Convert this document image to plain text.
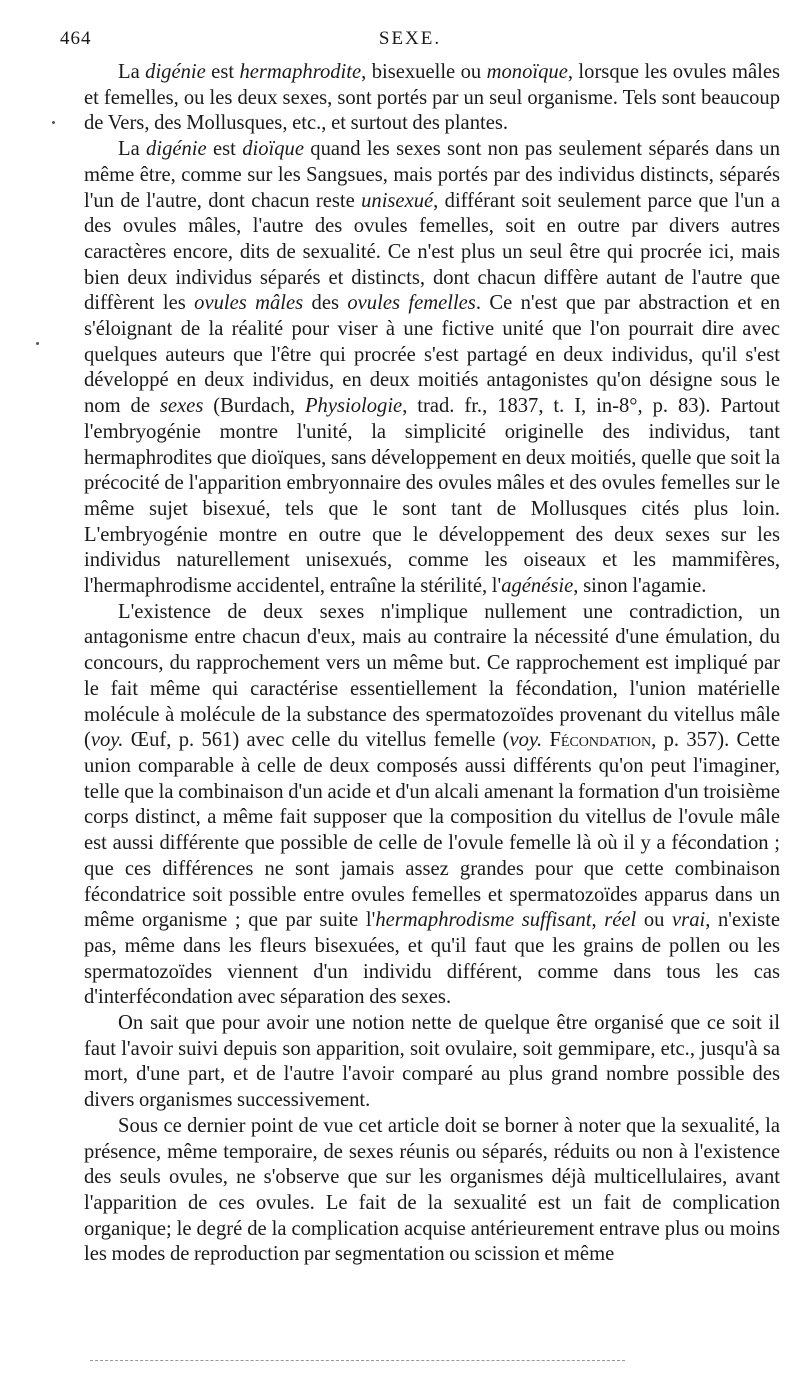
464	SEXE.

La digénie est hermaphrodite, bisexuelle ou monoïque, lorsque les ovules mâles et femelles, ou les deux sexes, sont portés par un seul organisme. Tels sont beaucoup de Vers, des Mollusques, etc., et surtout des plantes.

La digénie est dioïque quand les sexes sont non pas seulement séparés dans un même être, comme sur les Sangsues, mais portés par des individus distincts, séparés l'un de l'autre, dont chacun reste unisexué, différant soit seulement parce que l'un a des ovules mâles, l'autre des ovules femelles, soit en outre par divers autres caractères encore, dits de sexualité. Ce n'est plus un seul être qui procrée ici, mais bien deux individus séparés et distincts, dont chacun diffère autant de l'autre que diffèrent les ovules mâles des ovules femelles. Ce n'est que par abstraction et en s'éloignant de la réalité pour viser à une fictive unité que l'on pourrait dire avec quelques auteurs que l'être qui procrée s'est partagé en deux individus, qu'il s'est développé en deux individus, en deux moitiés antagonistes qu'on désigne sous le nom de sexes (Burdach, Physiologie, trad. fr., 1837, t. I, in-8°, p. 83). Partout l'embryogénie montre l'unité, la simplicité originelle des individus, tant hermaphrodites que dioïques, sans développement en deux moitiés, quelle que soit la précocité de l'apparition embryonnaire des ovules mâles et des ovules femelles sur le même sujet bisexué, tels que le sont tant de Mollusques cités plus loin. L'embryogénie montre en outre que le développement des deux sexes sur les individus naturellement unisexués, comme les oiseaux et les mammifères, l'hermaphrodisme accidentel, entraîne la stérilité, l'agénésie, sinon l'agamie.

L'existence de deux sexes n'implique nullement une contradiction, un antagonisme entre chacun d'eux, mais au contraire la nécessité d'une émulation, du concours, du rapprochement vers un même but. Ce rapprochement est impliqué par le fait même qui caractérise essentiellement la fécondation, l'union matérielle molécule à molécule de la substance des spermatozoïdes provenant du vitellus mâle (voy. Œuf, p. 561) avec celle du vitellus femelle (voy. Fécondation, p. 357). Cette union comparable à celle de deux composés aussi différents qu'on peut l'imaginer, telle que la combinaison d'un acide et d'un alcali amenant la formation d'un troisième corps distinct, a même fait supposer que la composition du vitellus de l'ovule mâle est aussi différente que possible de celle de l'ovule femelle là où il y a fécondation ; que ces différences ne sont jamais assez grandes pour que cette combinaison fécondatrice soit possible entre ovules femelles et spermatozoïdes apparus dans un même organisme ; que par suite l'hermaphrodisme suffisant, réel ou vrai, n'existe pas, même dans les fleurs bisexuées, et qu'il faut que les grains de pollen ou les spermatozoïdes viennent d'un individu différent, comme dans tous les cas d'interfécondation avec séparation des sexes.

On sait que pour avoir une notion nette de quelque être organisé que ce soit il faut l'avoir suivi depuis son apparition, soit ovulaire, soit gemmipare, etc., jusqu'à sa mort, d'une part, et de l'autre l'avoir comparé au plus grand nombre possible des divers organismes successivement.

Sous ce dernier point de vue cet article doit se borner à noter que la sexualité, la présence, même temporaire, de sexes réunis ou séparés, réduits ou non à l'existence des seuls ovules, ne s'observe que sur les organismes déjà multicellulaires, avant l'apparition de ces ovules. Le fait de la sexualité est un fait de complication organique; le degré de la complication acquise antérieurement entrave plus ou moins les modes de reproduction par segmentation ou scission et même
